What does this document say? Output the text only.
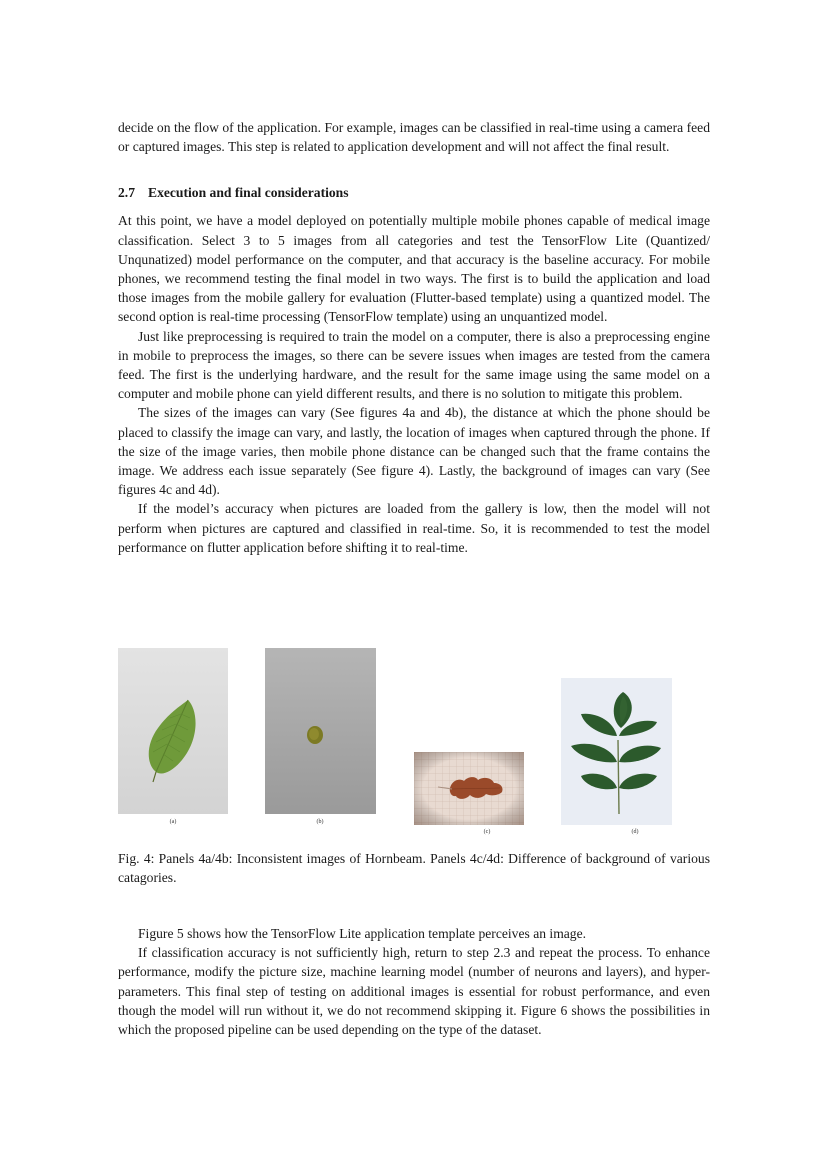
decide on the flow of the application. For example, images can be classified in real-time using a camera feed or captured images. This step is related to application development and will not affect the final result.

2.7 Execution and final considerations

At this point, we have a model deployed on potentially multiple mobile phones capable of medical image classification. Select 3 to 5 images from all categories and test the TensorFlow Lite (Quantized/ Unqunatized) model performance on the computer, and that accuracy is the baseline accuracy. For mobile phones, we recommend testing the final model in two ways. The first is to build the application and load those images from the mobile gallery for evaluation (Flutter-based template) using a quantized model. The second option is real-time processing (TensorFlow template) using an unquantized model.

Just like preprocessing is required to train the model on a computer, there is also a preprocessing engine in mobile to preprocess the images, so there can be severe issues when images are tested from the camera feed. The first is the underlying hardware, and the result for the same image using the same model on a computer and mobile phone can yield different results, and there is no solution to mitigate this problem.

The sizes of the images can vary (See figures 4a and 4b), the distance at which the phone should be placed to classify the image can vary, and lastly, the location of images when captured through the phone. If the size of the image varies, then mobile phone distance can be changed such that the frame contains the image. We address each issue separately (See figure 4). Lastly, the background of images can vary (See figures 4c and 4d).

If the model’s accuracy when pictures are loaded from the gallery is low, then the model will not perform when pictures are captured and classified in real-time. So, it is recommended to test the model performance on flutter application before shifting it to real-time.

(a)	(b)
(c)	(d)

Fig. 4: Panels 4a/4b: Inconsistent images of Hornbeam. Panels 4c/4d: Difference of background of various catagories.

Figure 5 shows how the TensorFlow Lite application template perceives an image.

If classification accuracy is not sufficiently high, return to step 2.3 and repeat the process. To enhance performance, modify the picture size, machine learning model (number of neurons and layers), and hyper-parameters. This final step of testing on additional images is essential for robust performance, and even though the model will run without it, we do not recommend skipping it. Figure 6 shows the possibilities in which the proposed pipeline can be used depending on the type of the dataset.
